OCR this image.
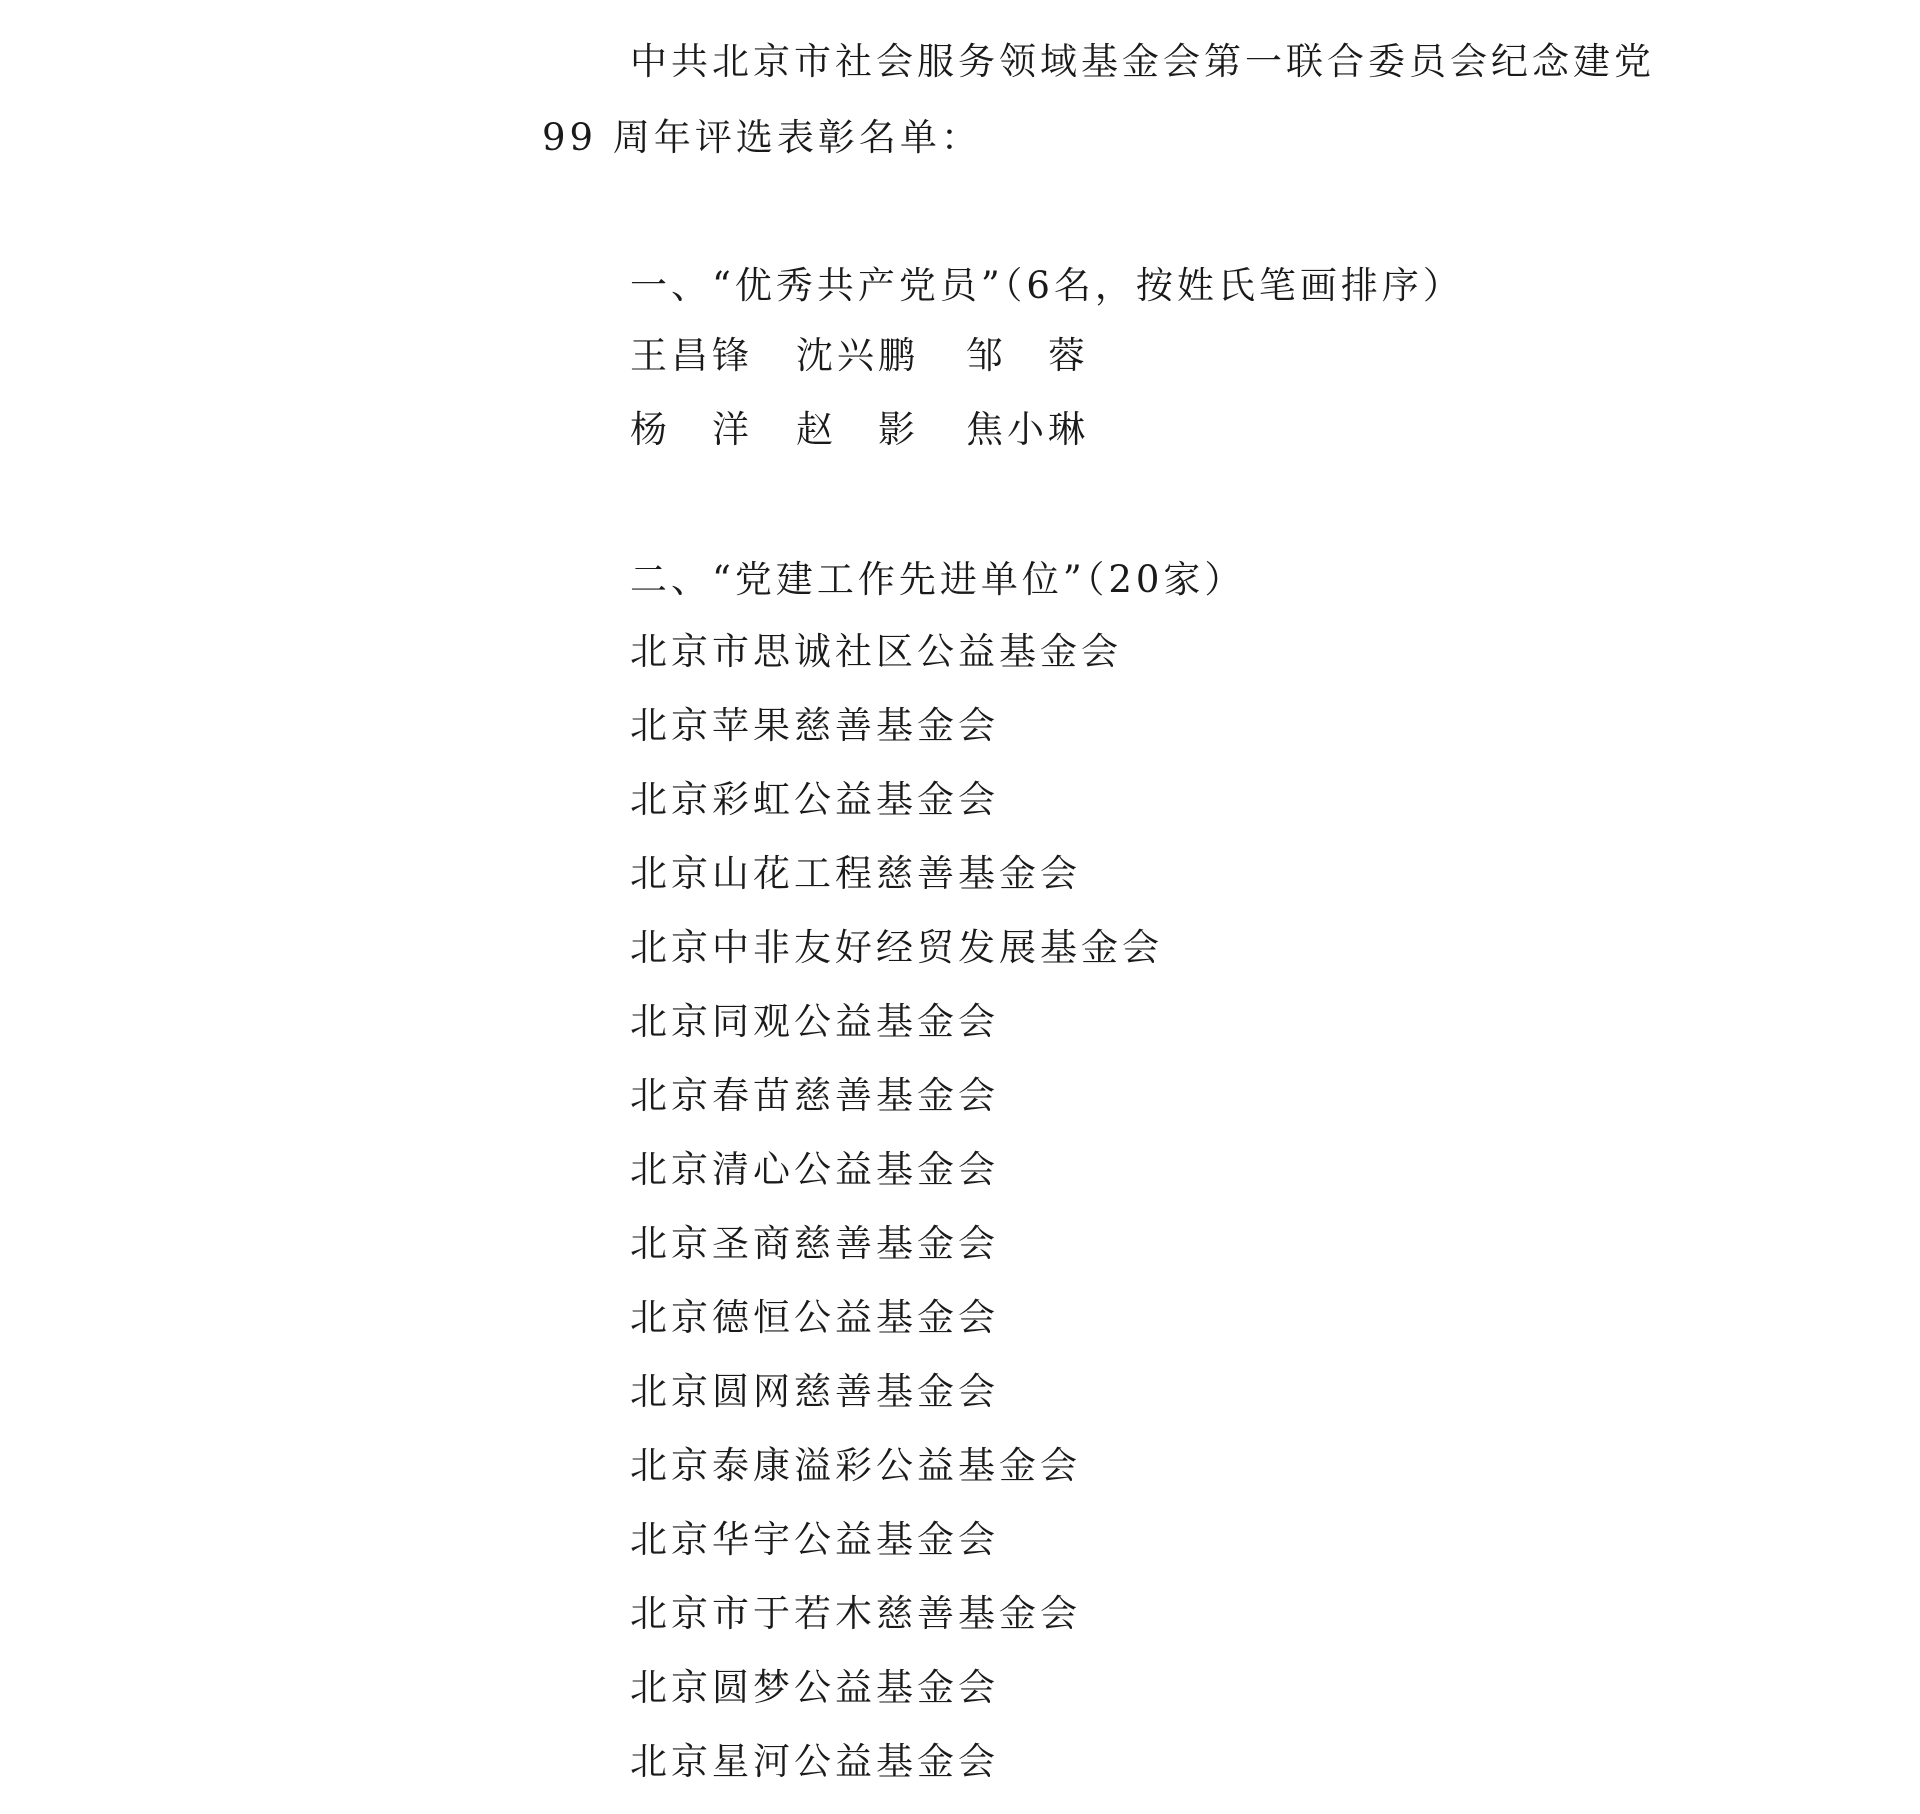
中共北京市社会服务领域基金会第一联合委员会纪念建党
99 周年评选表彰名单：
一、“优秀共产党员”（6名，按姓氏笔画排序）
王昌锋 沈兴鹏 邹　蓉
杨　洋 赵　影 焦小琳
二、“党建工作先进单位”（20家）
北京市思诚社区公益基金会
北京苹果慈善基金会
北京彩虹公益基金会
北京山花工程慈善基金会
北京中非友好经贸发展基金会
北京同观公益基金会
北京春苗慈善基金会
北京清心公益基金会
北京圣商慈善基金会
北京德恒公益基金会
北京圆网慈善基金会
北京泰康溢彩公益基金会
北京华宇公益基金会
北京市于若木慈善基金会
北京圆梦公益基金会
北京星河公益基金会
